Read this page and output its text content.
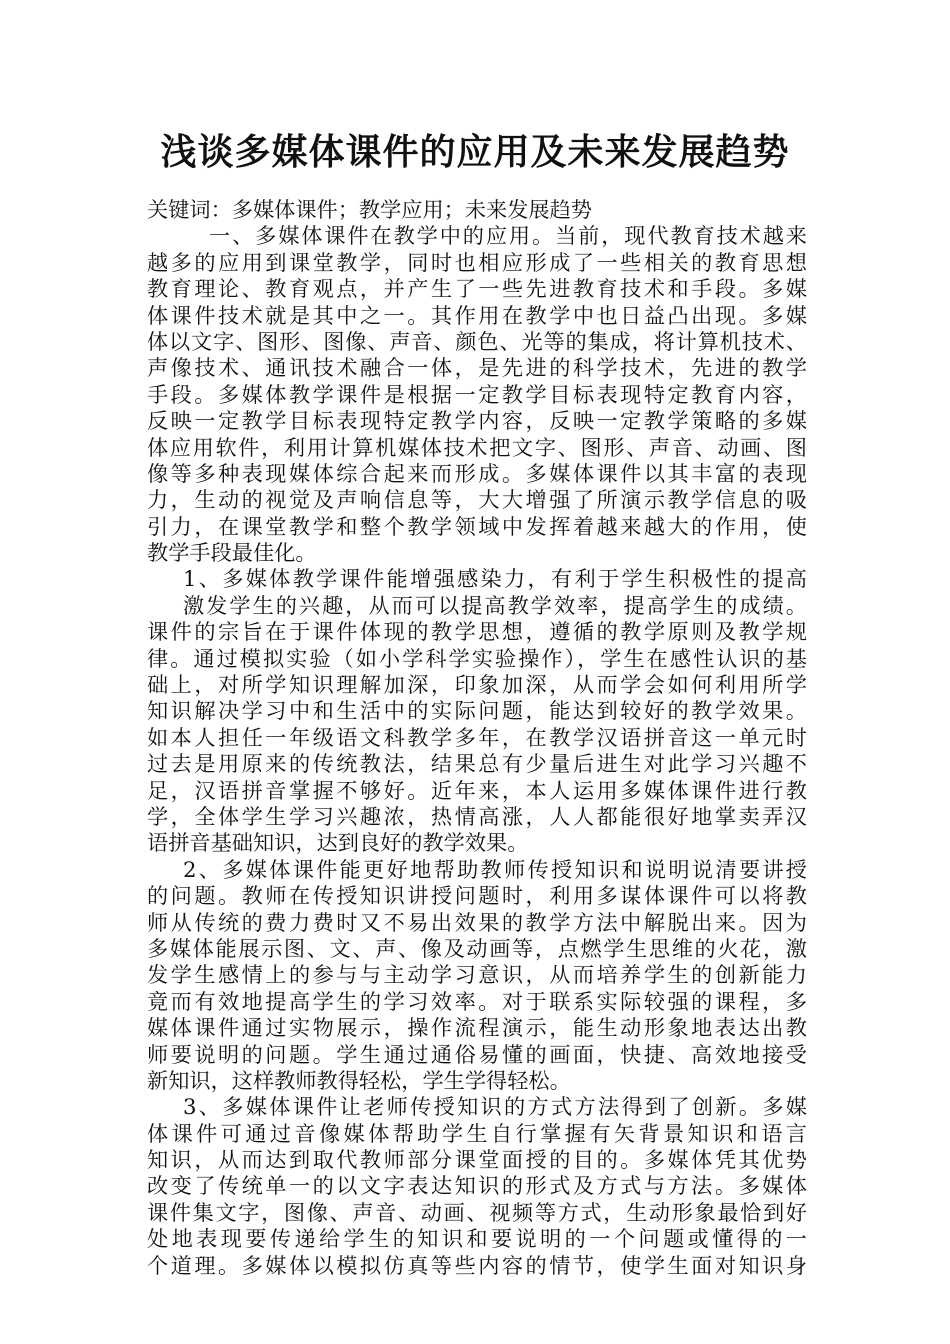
浅谈多媒体课件的应用及未来发展趋势
关键词：多媒体课件；教学应用；未来发展趋势
一、多媒体课件在教学中的应用。当前，现代教育技术越来
越多的应用到课堂教学，同时也相应形成了一些相关的教育思想
教育理论、教育观点，并产生了一些先进教育技术和手段。多媒
体课件技术就是其中之一。其作用在教学中也日益凸出现。多媒
体以文字、图形、图像、声音、颜色、光等的集成，将计算机技术、
声像技术、通讯技术融合一体，是先进的科学技术，先进的教学
手段。多媒体教学课件是根据一定教学目标表现特定教育内容，
反映一定教学目标表现特定教学内容，反映一定教学策略的多媒
体应用软件，利用计算机媒体技术把文字、图形、声音、动画、图
像等多种表现媒体综合起来而形成。多媒体课件以其丰富的表现
力，生动的视觉及声响信息等，大大增强了所演示教学信息的吸
引力，在课堂教学和整个教学领域中发挥着越来越大的作用，使
教学手段最佳化。
1、多媒体教学课件能增强感染力，有利于学生积极性的提高
激发学生的兴趣，从而可以提高教学效率，提高学生的成绩。
课件的宗旨在于课件体现的教学思想，遵循的教学原则及教学规
律。通过模拟实验（如小学科学实验操作），学生在感性认识的基
础上，对所学知识理解加深，印象加深，从而学会如何利用所学
知识解决学习中和生活中的实际问题，能达到较好的教学效果。
如本人担任一年级语文科教学多年，在教学汉语拼音这一单元时
过去是用原来的传统教法，结果总有少量后进生对此学习兴趣不
足，汉语拼音掌握不够好。近年来，本人运用多媒体课件进行教
学，全体学生学习兴趣浓，热情高涨，人人都能很好地掌卖弄汉
语拼音基础知识，达到良好的教学效果。
2、多媒体课件能更好地帮助教师传授知识和说明说清要讲授
的问题。教师在传授知识讲授问题时，利用多谋体课件可以将教
师从传统的费力费时又不易出效果的教学方法中解脱出来。因为
多媒体能展示图、文、声、像及动画等，点燃学生思维的火花，激
发学生感情上的参与与主动学习意识，从而培养学生的创新能力
竟而有效地提高学生的学习效率。对于联系实际较强的课程，多
媒体课件通过实物展示，操作流程演示，能生动形象地表达出教
师要说明的问题。学生通过通俗易懂的画面，快捷、高效地接受
新知识，这样教师教得轻松，学生学得轻松。
3、多媒体课件让老师传授知识的方式方法得到了创新。多媒
体课件可通过音像媒体帮助学生自行掌握有矢背景知识和语言
知识，从而达到取代教师部分课堂面授的目的。多媒体凭其优势
改变了传统单一的以文字表达知识的形式及方式与方法。多媒体
课件集文字，图像、声音、动画、视频等方式，生动形象最恰到好
处地表现要传递给学生的知识和要说明的一个问题或懂得的一
个道理。多媒体以模拟仿真等些内容的情节，使学生面对知识身
